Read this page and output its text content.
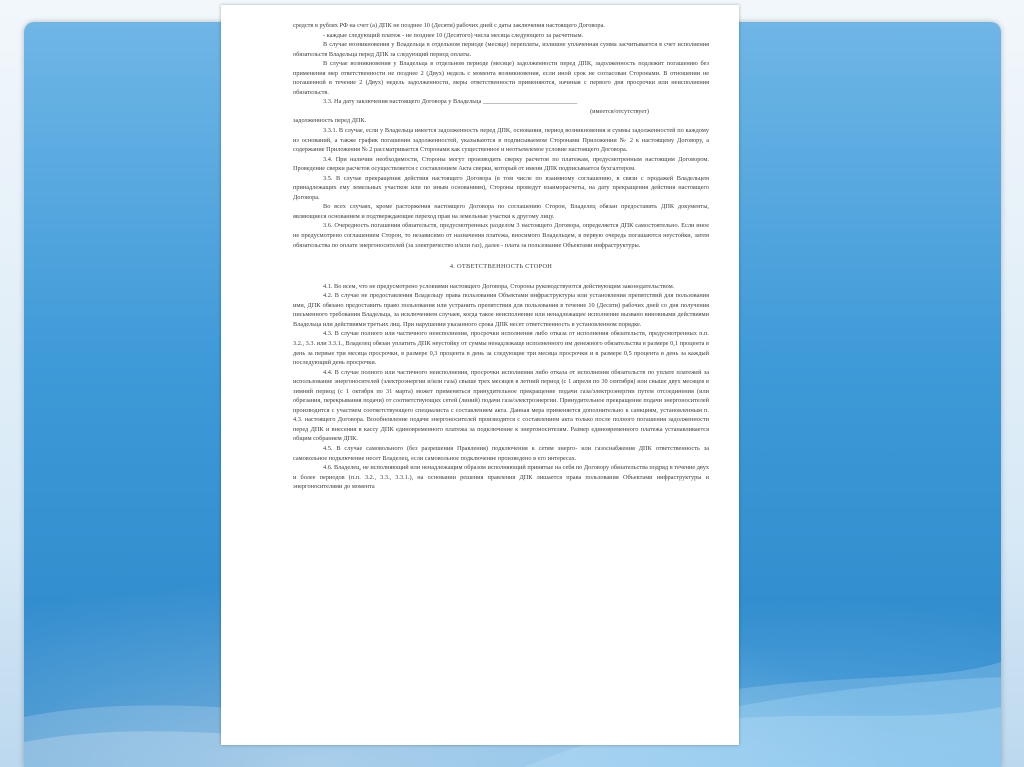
средств в рублях РФ на счет (а) ДПК не позднее 10 (Десяти) рабочих дней с даты заключения настоящего Договора.

- каждые следующий платеж - не позднее 10 (Десятого) числа месяца следующего за расчетным.

В случае возникновения у Владельца в отдельном периоде (месяце) переплаты, излишне уплаченная сумма засчитывается в счет исполнения обязательств Владельца перед ДПК за следующий период оплаты.

В случае возникновения у Владельца в отдельном периоде (месяце) задолженности перед ДПК, задолженность подлежит погашению без применения мер ответственности не позднее 2 (Двух) недель с момента возникновения, если иной срок не согласован Сторонами. В отношении не погашенной в течение 2 (Двух) недель задолженности, меры ответственности применяются, начиная с первого дня просрочки или неисполнения обязательств.

3.3. На дату заключения настоящего Договора у Владельца ______________________________

(имеется/отсутствует)

задолженность перед ДПК.

3.3.1. В случае, если у Владельца имеется задолженность перед ДПК, основания, период возникновения и суммы задолженностей по каждому из оснований, а также график погашения задолженностей, указываются в подписываемом Сторонами Приложении № 2 к настоящему Договору, а содержание Приложения № 2 рассматривается Сторонами как существенное и неотъемлемое условие настоящего Договора.

3.4. При наличии необходимости, Стороны могут производить сверку расчетов по платежам, предусмотренным настоящим Договором. Проведение сверки расчетов осуществляется с составлением Акта сверки, который от имени ДПК подписывается бухгалтером.

3.5. В случае прекращения действия настоящего Договора (в том числе по взаимному соглашению, в связи с продажей Владельцем принадлежащих ему земельных участков или по иным основаниям), Стороны проведут взаиморасчеты, на дату прекращения действия настоящего Договора.

Во всех случаях, кроме расторжения настоящего Договора по соглашению Сторон, Владелец обязан предоставить ДПК документы, являющиеся основанием и подтверждающие переход прав на земельные участки к другому лицу.

3.6. Очередность погашения обязательств, предусмотренных разделом 3 настоящего Договора, определяется ДПК самостоятельно. Если иное не предусмотрено соглашением Сторон, то независимо от назначения платежа, вносимого Владельцем, в первую очередь погашаются неустойки, затем обязательства по оплате энергоносителей (за электричество и/или газ), далее - плата за пользование Объектами инфраструктуры.

4. ОТВЕТСТВЕННОСТЬ СТОРОН

4.1. Во всем, что не предусмотрено условиями настоящего Договора, Стороны руководствуются действующим законодательством.

4.2. В случае не предоставления Владельцу права пользования Объектами инфраструктуры или установления препятствий для пользования ими, ДПК обязано предоставить право пользования или устранить препятствия для пользования в течение 10 (Десяти) рабочих дней со дня получения письменного требования Владельца, за исключением случаев, когда такое неисполнение или ненадлежащее исполнение вызвано виновными действиями Владельца или действиями третьих лиц. При нарушении указанного срока ДПК несет ответственность в установленном порядке.

4.3. В случае полного или частичного неисполнения, просрочки исполнения либо отказа от исполнения обязательств, предусмотренных п.п. 3.2., 3.3. или 3.3.1., Владелец обязан уплатить ДПК неустойку от суммы ненадлежаще исполненного им денежного обязательства в размере 0,1 процента в день за первые три месяца просрочки, в размере 0,3 процента в день за следующие три месяца просрочки и в размере 0,5 процента в день за каждый последующий день просрочки.

4.4. В случае полного или частичного неисполнения, просрочки исполнения либо отказа от исполнения обязательств по уплате платежей за использование энергоносителей (электроэнергии и/или газа) свыше трех месяцев в летний период (с 1 апреля по 30 сентября) или свыше двух месяцев в зимний период (с 1 октября по 31 марта) может применяться принудительное прекращение подачи газа/электроэнергии путем отсоединения (или обрезания, перекрывания подачи) от соответствующих сетей (линий) подачи газа/электроэнергии. Принудительное прекращение подачи энергоносителей производится с участием соответствующего специалиста с составлением акта. Данная мера применяется дополнительно к санкциям, установленным п. 4.3. настоящего Договора. Возобновление подачи энергоносителей производится с составлением акта только после полного погашения задолженности перед ДПК и внесения в кассу ДПК единовременного платежа за подключение к энергоносителям. Размер единовременного платежа устанавливается общим собранием ДПК.

4.5. В случае самовольного (без разрешения Правления) подключения к сетям энерго- или газоснабжения ДПК ответственность за самовольное подключение несет Владелец, если самовольное подключение произведено в его интересах.

4.6. Владелец, не исполняющий или ненадлежащим образом исполняющий принятые на себя по Договору обязательства подряд в течение двух и более периодов (п.п. 3.2., 3.3., 3.3.1.), на основании решения правления ДПК лишается права пользования Объектами инфраструктуры и энергоносителями до момента
